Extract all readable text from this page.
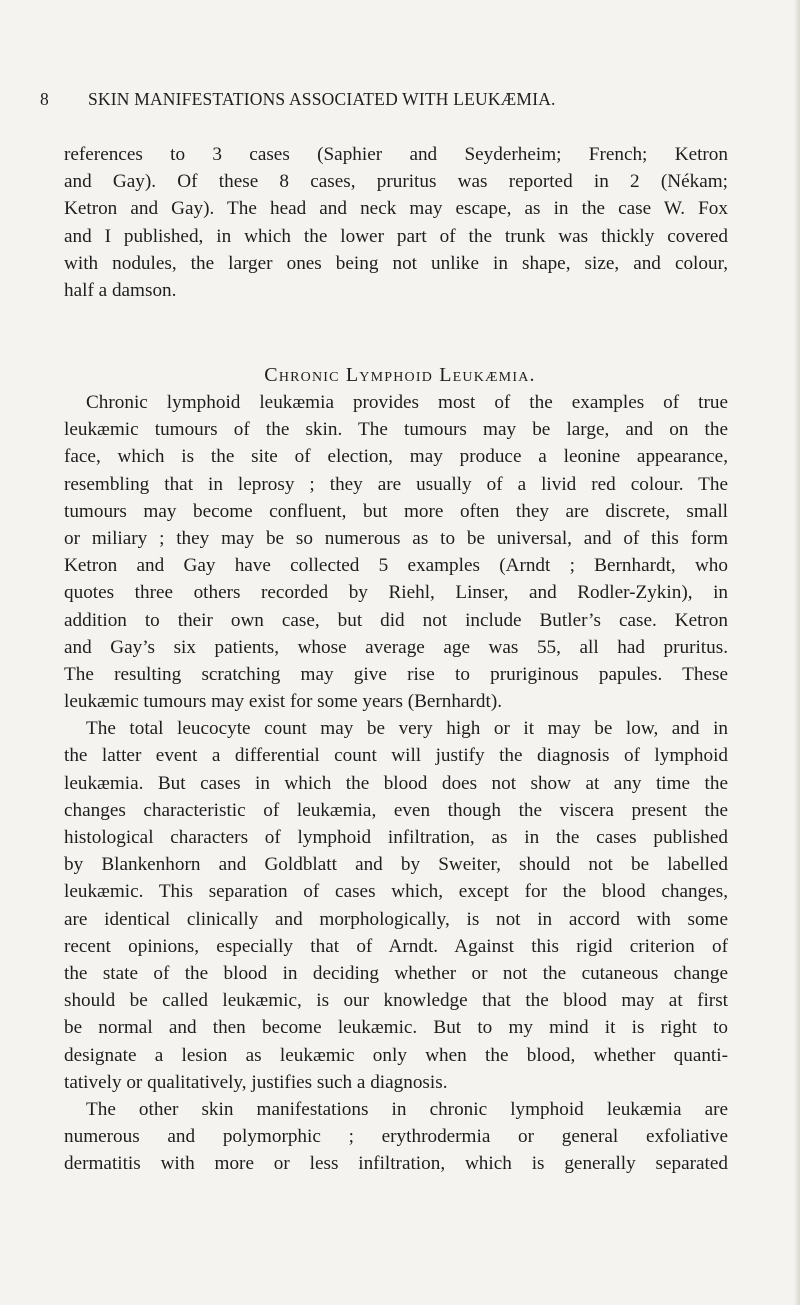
8 SKIN MANIFESTATIONS ASSOCIATED WITH LEUKÆMIA.
references to 3 cases (Saphier and Seyderheim; French; Ketron
and Gay). Of these 8 cases, pruritus was reported in 2 (Nékam;
Ketron and Gay). The head and neck may escape, as in the case W. Fox
and I published, in which the lower part of the trunk was thickly covered
with nodules, the larger ones being not unlike in shape, size, and colour,
half a damson.
Chronic Lymphoid Leukæmia.
Chronic lymphoid leukæmia provides most of the examples of true
leukæmic tumours of the skin. The tumours may be large, and on the
face, which is the site of election, may produce a leonine appearance,
resembling that in leprosy ; they are usually of a livid red colour. The
tumours may become confluent, but more often they are discrete, small
or miliary ; they may be so numerous as to be universal, and of this form
Ketron and Gay have collected 5 examples (Arndt ; Bernhardt, who
quotes three others recorded by Riehl, Linser, and Rodler-Zykin), in
addition to their own case, but did not include Butler’s case. Ketron
and Gay’s six patients, whose average age was 55, all had pruritus.
The resulting scratching may give rise to pruriginous papules. These
leukæmic tumours may exist for some years (Bernhardt).
The total leucocyte count may be very high or it may be low, and in
the latter event a differential count will justify the diagnosis of lymphoid
leukæmia. But cases in which the blood does not show at any time the
changes characteristic of leukæmia, even though the viscera present the
histological characters of lymphoid infiltration, as in the cases published
by Blankenhorn and Goldblatt and by Sweiter, should not be labelled
leukæmic. This separation of cases which, except for the blood changes,
are identical clinically and morphologically, is not in accord with some
recent opinions, especially that of Arndt. Against this rigid criterion of
the state of the blood in deciding whether or not the cutaneous change
should be called leukæmic, is our knowledge that the blood may at first
be normal and then become leukæmic. But to my mind it is right to
designate a lesion as leukæmic only when the blood, whether quanti-
tatively or qualitatively, justifies such a diagnosis.
The other skin manifestations in chronic lymphoid leukæmia are
numerous and polymorphic ; erythrodermia or general exfoliative
dermatitis with more or less infiltration, which is generally separated
